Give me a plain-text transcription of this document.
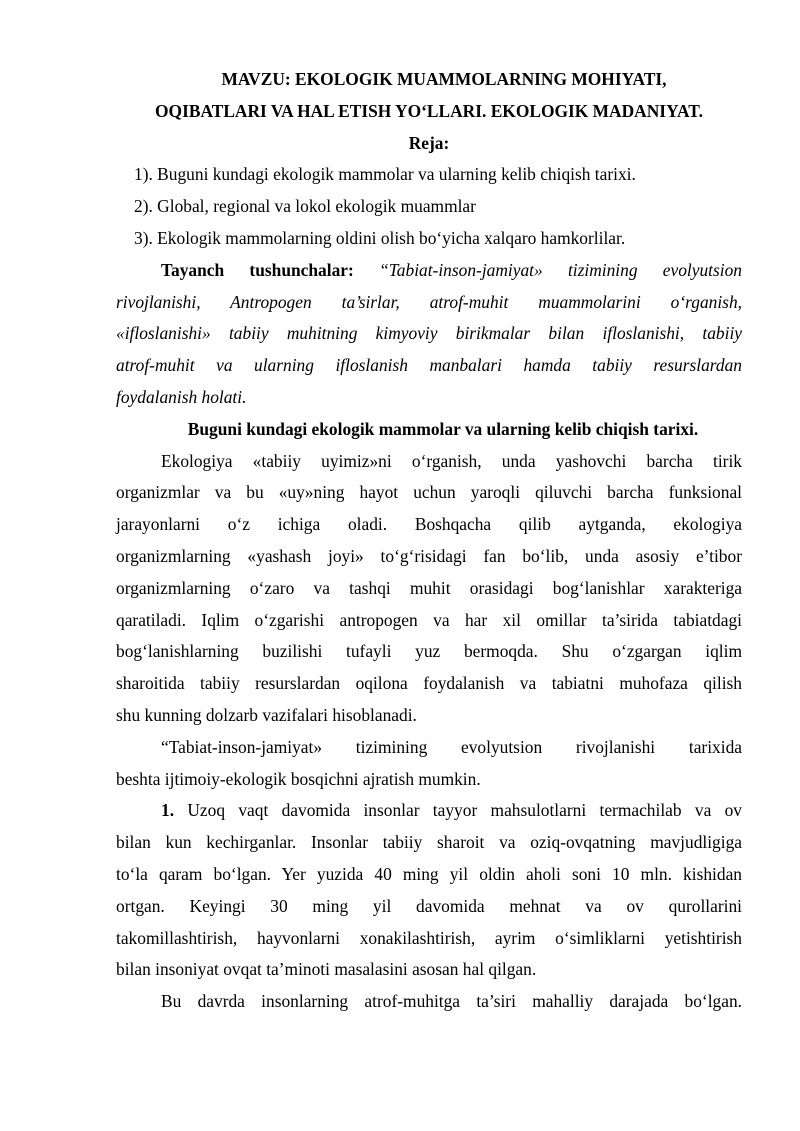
MAVZU: EKOLOGIK MUAMMOLARNING MOHIYATI,
OQIBATLARI VA HAL ETISH YO‘LLARI. EKOLOGIK MADANIYAT.
Reja:
1). Buguni kundagi ekologik mammolar va ularning kelib chiqish tarixi.
2). Global, regional va lokol ekologik muammlar
3). Ekologik mammolarning oldini olish bo‘yicha xalqaro hamkorlilar.
Tayanch tushunchalar: “Tabiat-inson-jamiyat» tizimining evolyutsion
rivojlanishi, Antropogen ta’sirlar, atrof-muhit muammolarini o‘rganish,
«ifloslanishi» tabiiy muhitning kimyoviy birikmalar bilan ifloslanishi, tabiiy
atrof-muhit va ularning ifloslanish manbalari hamda tabiiy resurslardan
foydalanish holati.
Buguni kundagi ekologik mammolar va ularning kelib chiqish tarixi.
Ekologiya «tabiiy uyimiz»ni o‘rganish, unda yashovchi barcha tirik
organizmlar va bu «uy»ning hayot uchun yaroqli qiluvchi barcha funksional
jarayonlarni o‘z ichiga oladi. Boshqacha qilib aytganda, ekologiya
organizmlarning «yashash joyi» to‘g‘risidagi fan bo‘lib, unda asosiy e’tibor
organizmlarning o‘zaro va tashqi muhit orasidagi bog‘lanishlar xarakteriga
qaratiladi. Iqlim o‘zgarishi antropogen va har xil omillar ta’sirida tabiatdagi
bog‘lanishlarning buzilishi tufayli yuz bermoqda. Shu o‘zgargan iqlim
sharoitida tabiiy resurslardan oqilona foydalanish va tabiatni muhofaza qilish
shu kunning dolzarb vazifalari hisoblanadi.
“Tabiat-inson-jamiyat» tizimining evolyutsion rivojlanishi tarixida
beshta ijtimoiy-ekologik bosqichni ajratish mumkin.
1. Uzoq vaqt davomida insonlar tayyor mahsulotlarni termachilab va ov
bilan kun kechirganlar. Insonlar tabiiy sharoit va oziq-ovqatning mavjudligiga
to‘la qaram bo‘lgan. Yer yuzida 40 ming yil oldin aholi soni 10 mln. kishidan
ortgan. Keyingi 30 ming yil davomida mehnat va ov qurollarini
takomillashtirish, hayvonlarni xonakilashtirish, ayrim o‘simliklarni yetishtirish
bilan insoniyat ovqat ta’minoti masalasini asosan hal qilgan.
Bu davrda insonlarning atrof-muhitga ta’siri mahalliy darajada bo‘lgan.
